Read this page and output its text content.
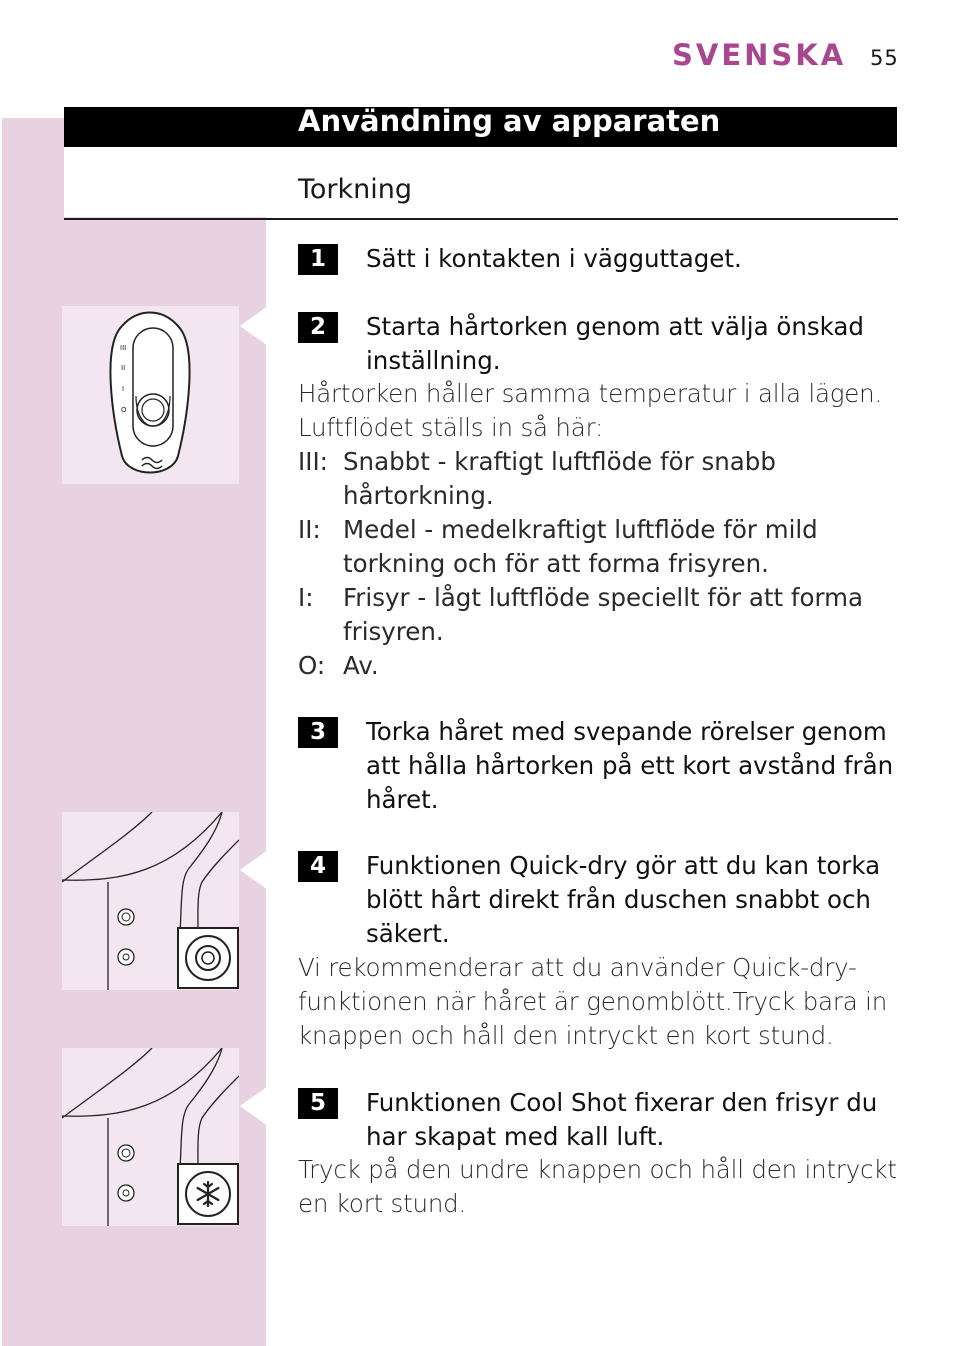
SVENSKA 55
Användning av apparaten
Torkning
III
II
I
O
1	Sätt i kontakten i vägguttaget.

2	Starta hårtorken genom att välja önskad

inställning.

Hårtorken håller samma temperatur i alla lägen.

Luftflödet ställs in så här:

III: Snabbt - kraftigt luftflöde för snabb

hårtorkning.

II: Medel - medelkraftigt luftflöde för mild

torkning och för att forma frisyren.

I:	Frisyr - lågt luftflöde speciellt för att forma

frisyren.

O: Av.

3	Torka håret med svepande rörelser genom

att hålla hårtorken på ett kort avstånd från

håret.

4	Funktionen Quick-dry gör att du kan torka

blött hårt direkt från duschen snabbt och

säkert.

Vi rekommenderar att du använder Quick-dry-

funktionen när håret är genomblött.Tryck bara in

knappen och håll den intryckt en kort stund.

5	Funktionen Cool Shot fixerar den frisyr du

har skapat med kall luft.

Tryck på den undre knappen och håll den intryckt

en kort stund.
